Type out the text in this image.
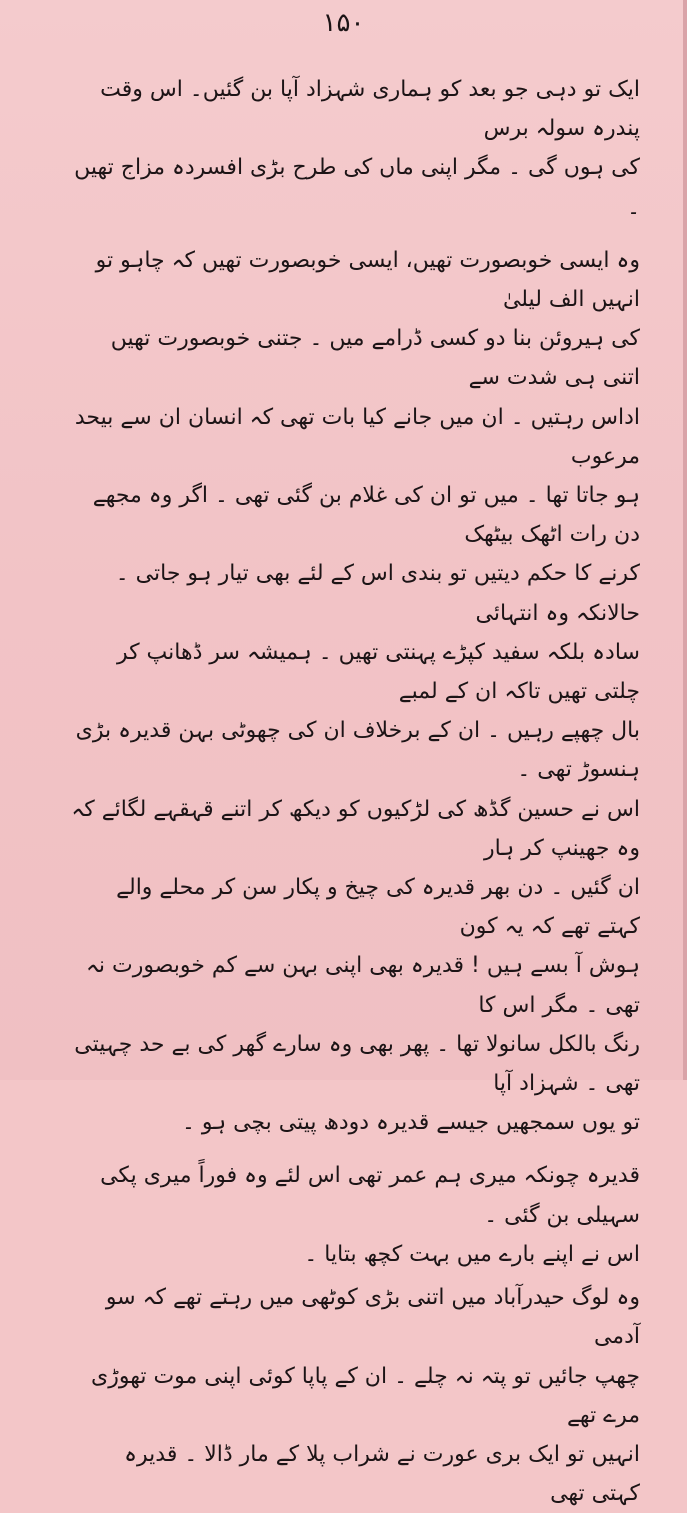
۱۵۰

ایک تو دہی جو بعد کو ہماری شہزاد آپا بن گئیں۔ اس وقت پندرہ سولہ برس

کی ہوں گی ۔ مگر اپنی ماں کی طرح بڑی افسردہ مزاج تھیں ۔

وہ ایسی خوبصورت تھیں، ایسی خوبصورت تھیں کہ چاہو تو انہیں الف لیلیٰ

کی ہیروئن بنا دو کسی ڈرامے میں ۔ جتنی خوبصورت تھیں اتنی ہی شدت سے

اداس رہتیں ۔ ان میں جانے کیا بات تھی کہ انسان ان سے بیحد مرعوب

ہو جاتا تھا ۔ میں تو ان کی غلام بن گئی تھی ۔ اگر وہ مجھے دن رات اٹھک بیٹھک

کرنے کا حکم دیتیں تو بندی اس کے لئے بھی تیار ہو جاتی ۔ حالانکہ وہ انتہائی

سادہ بلکہ سفید کپڑے پہنتی تھیں ۔ ہمیشہ سر ڈھانپ کر چلتی تھیں تاکہ ان کے لمبے

بال چھپے رہیں ۔ ان کے برخلاف ان کی چھوٹی بہن قدیرہ بڑی ہنسوڑ تھی ۔

اس نے حسین گڈھ کی لڑکیوں کو دیکھ کر اتنے قہقہے لگائے کہ وہ جھینپ کر ہار

ان گئیں ۔ دن بھر قدیرہ کی چیخ و پکار سن کر محلے والے کہتے تھے کہ یہ کون

ہوش آ بسے ہیں ! قدیرہ بھی اپنی بہن سے کم خوبصورت نہ تھی ۔ مگر اس کا

رنگ بالکل سانولا تھا ۔ پھر بھی وہ سارے گھر کی بے حد چہیتی تھی ۔ شہزاد آپا

تو یوں سمجھیں جیسے قدیرہ دودھ پیتی بچی ہو ۔

قدیرہ چونکہ میری ہم عمر تھی اس لئے وہ فوراً میری پکی سہیلی بن گئی ۔

اس نے اپنے بارے میں بہت کچھ بتایا ۔

وہ لوگ حیدرآباد میں اتنی بڑی کوٹھی میں رہتے تھے کہ سو آدمی

چھپ جائیں تو پتہ نہ چلے ۔ ان کے پاپا کوئی اپنی موت تھوڑی مرے تھے

انہیں تو ایک بری عورت نے شراب پلا کے مار ڈالا ۔ قدیرہ کہتی تھی
